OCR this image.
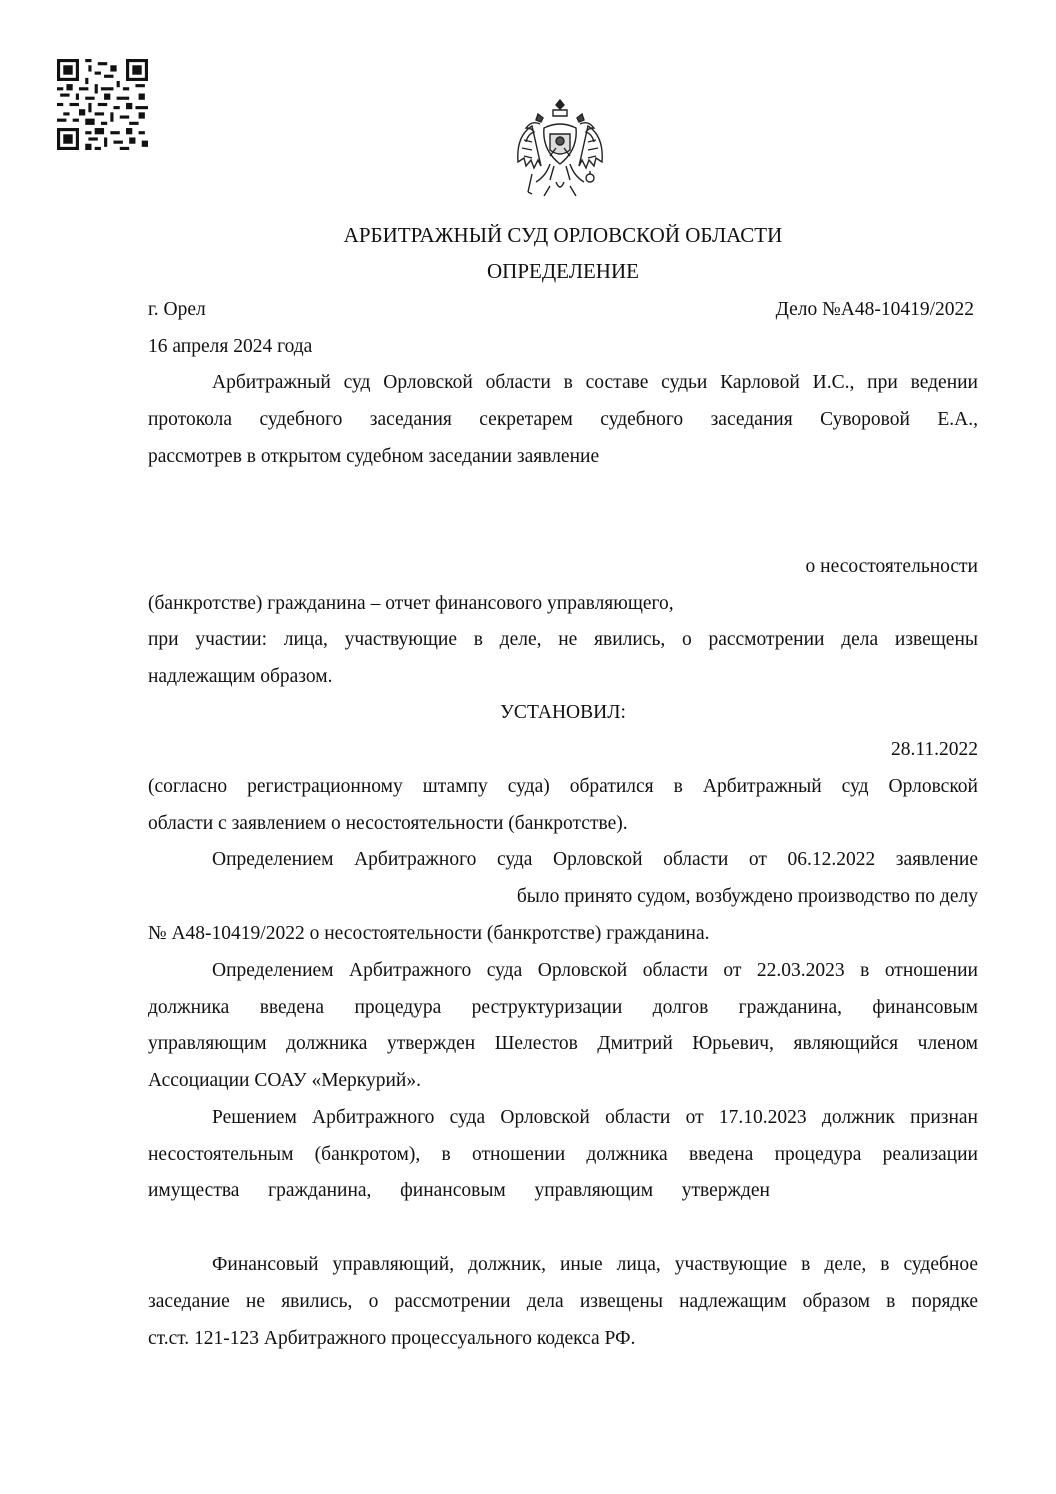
АРБИТРАЖНЫЙ СУД ОРЛОВСКОЙ ОБЛАСТИ
ОПРЕДЕЛЕНИЕ
г. Орел	Дело №А48-10419/2022
16 апреля 2024 года
Арбитражный суд Орловской области в составе судьи Карловой И.С., при ведении
протокола судебного заседания секретарем судебного заседания Суворовой Е.А.,
рассмотрев в открытом судебном заседании заявление
о несостоятельности
(банкротстве) гражданина – отчет финансового управляющего,
при участии: лица, участвующие в деле, не явились, о рассмотрении дела извещены
надлежащим образом.
УСТАНОВИЛ:
28.11.2022
(согласно регистрационному штампу суда) обратился в Арбитражный суд Орловской
области с заявлением о несостоятельности (банкротстве).
Определением Арбитражного суда Орловской области от 06.12.2022 заявление
было принято судом, возбуждено производство по делу
№ А48-10419/2022 о несостоятельности (банкротстве) гражданина.
Определением Арбитражного суда Орловской области от 22.03.2023 в отношении
должника введена процедура реструктуризации долгов гражданина, финансовым
управляющим должника утвержден Шелестов Дмитрий Юрьевич, являющийся членом
Ассоциации СОАУ «Меркурий».
Решением Арбитражного суда Орловской области от 17.10.2023 должник признан
несостоятельным (банкротом), в отношении должника введена процедура реализации
имущества гражданина, финансовым управляющим утвержден
Финансовый управляющий, должник, иные лица, участвующие в деле, в судебное
заседание не явились, о рассмотрении дела извещены надлежащим образом в порядке
ст.ст. 121-123 Арбитражного процессуального кодекса РФ.
